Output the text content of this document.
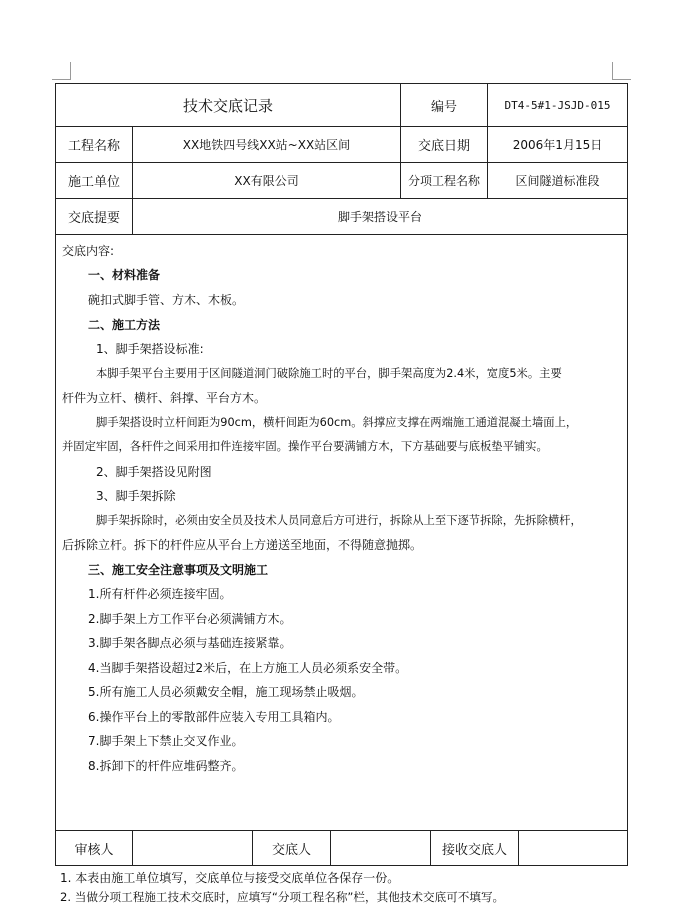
技术交底记录	编号	DT4-5#1-JSJD-015
工程名称	XX地铁四号线XX站~XX站区间	交底日期	2006年1月15日
施工单位	XX有限公司	分项工程名称	区间隧道标准段
交底提要	脚手架搭设平台

交底内容:

一、材料准备

碗扣式脚手管、方木、木板。

二、施工方法

1、脚手架搭设标准:

本脚手架平台主要用于区间隧道洞门破除施工时的平台，脚手架高度为2.4米，宽度5米。主要

杆件为立杆、横杆、斜撑、平台方木。

脚手架搭设时立杆间距为90cm，横杆间距为60cm。斜撑应支撑在两端施工通道混凝土墙面上，

并固定牢固，各杆件之间采用扣件连接牢固。操作平台要满铺方木，下方基础要与底板垫平铺实。

2、脚手架搭设见附图

3、脚手架拆除

脚手架拆除时，必须由安全员及技术人员同意后方可进行，拆除从上至下逐节拆除，先拆除横杆，

后拆除立杆。拆下的杆件应从平台上方递送至地面，不得随意抛掷。

三、施工安全注意事项及文明施工

1.所有杆件必须连接牢固。

2.脚手架上方工作平台必须满铺方木。

3.脚手架各脚点必须与基础连接紧靠。

4.当脚手架搭设超过2米后，在上方施工人员必须系安全带。

5.所有施工人员必须戴安全帽，施工现场禁止吸烟。

6.操作平台上的零散部件应装入专用工具箱内。

7.脚手架上下禁止交叉作业。

8.拆卸下的杆件应堆码整齐。

审核人	交底人	接收交底人

1. 本表由施工单位填写，交底单位与接受交底单位各保存一份。

2. 当做分项工程施工技术交底时，应填写“分项工程名称”栏，其他技术交底可不填写。
